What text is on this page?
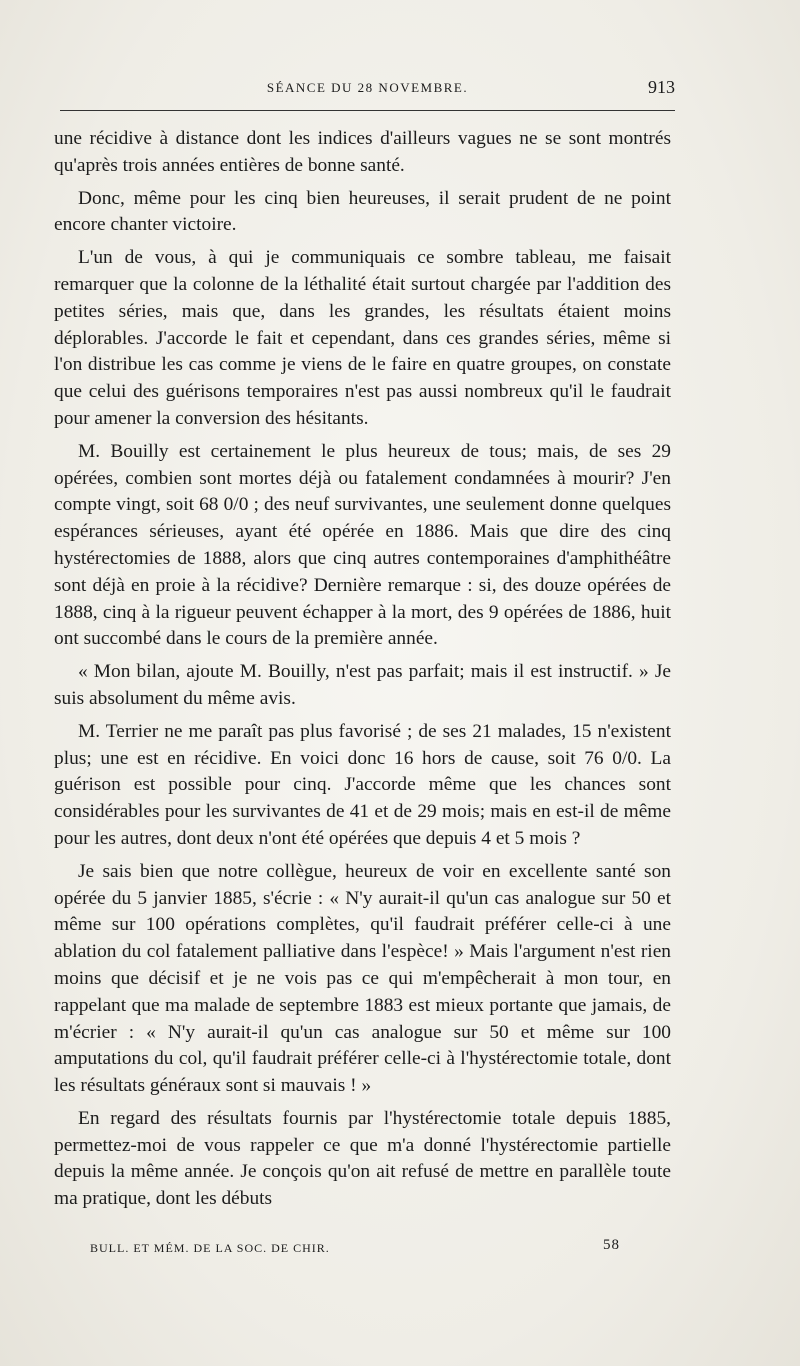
SÉANCE DU 28 NOVEMBRE.	913

une récidive à distance dont les indices d'ailleurs vagues ne se sont montrés qu'après trois années entières de bonne santé.

Donc, même pour les cinq bien heureuses, il serait prudent de ne point encore chanter victoire.

L'un de vous, à qui je communiquais ce sombre tableau, me faisait remarquer que la colonne de la léthalité était surtout chargée par l'addition des petites séries, mais que, dans les grandes, les résultats étaient moins déplorables. J'accorde le fait et cependant, dans ces grandes séries, même si l'on distribue les cas comme je viens de le faire en quatre groupes, on constate que celui des guérisons temporaires n'est pas aussi nombreux qu'il le faudrait pour amener la conversion des hésitants.

M. Bouilly est certainement le plus heureux de tous; mais, de ses 29 opérées, combien sont mortes déjà ou fatalement condamnées à mourir? J'en compte vingt, soit 68 0/0 ; des neuf survivantes, une seulement donne quelques espérances sérieuses, ayant été opérée en 1886. Mais que dire des cinq hystérectomies de 1888, alors que cinq autres contemporaines d'amphithéâtre sont déjà en proie à la récidive? Dernière remarque : si, des douze opérées de 1888, cinq à la rigueur peuvent échapper à la mort, des 9 opérées de 1886, huit ont succombé dans le cours de la première année.

« Mon bilan, ajoute M. Bouilly, n'est pas parfait; mais il est instructif. » Je suis absolument du même avis.

M. Terrier ne me paraît pas plus favorisé ; de ses 21 malades, 15 n'existent plus; une est en récidive. En voici donc 16 hors de cause, soit 76 0/0. La guérison est possible pour cinq. J'accorde même que les chances sont considérables pour les survivantes de 41 et de 29 mois; mais en est-il de même pour les autres, dont deux n'ont été opérées que depuis 4 et 5 mois ?

Je sais bien que notre collègue, heureux de voir en excellente santé son opérée du 5 janvier 1885, s'écrie : « N'y aurait-il qu'un cas analogue sur 50 et même sur 100 opérations complètes, qu'il faudrait préférer celle-ci à une ablation du col fatalement palliative dans l'espèce! » Mais l'argument n'est rien moins que décisif et je ne vois pas ce qui m'empêcherait à mon tour, en rappelant que ma malade de septembre 1883 est mieux portante que jamais, de m'écrier : « N'y aurait-il qu'un cas analogue sur 50 et même sur 100 amputations du col, qu'il faudrait préférer celle-ci à l'hystérectomie totale, dont les résultats généraux sont si mauvais ! »

En regard des résultats fournis par l'hystérectomie totale depuis 1885, permettez-moi de vous rappeler ce que m'a donné l'hystérectomie partielle depuis la même année. Je conçois qu'on ait refusé de mettre en parallèle toute ma pratique, dont les débuts

BULL. ET MÉM. DE LA SOC. DE CHIR.	58
